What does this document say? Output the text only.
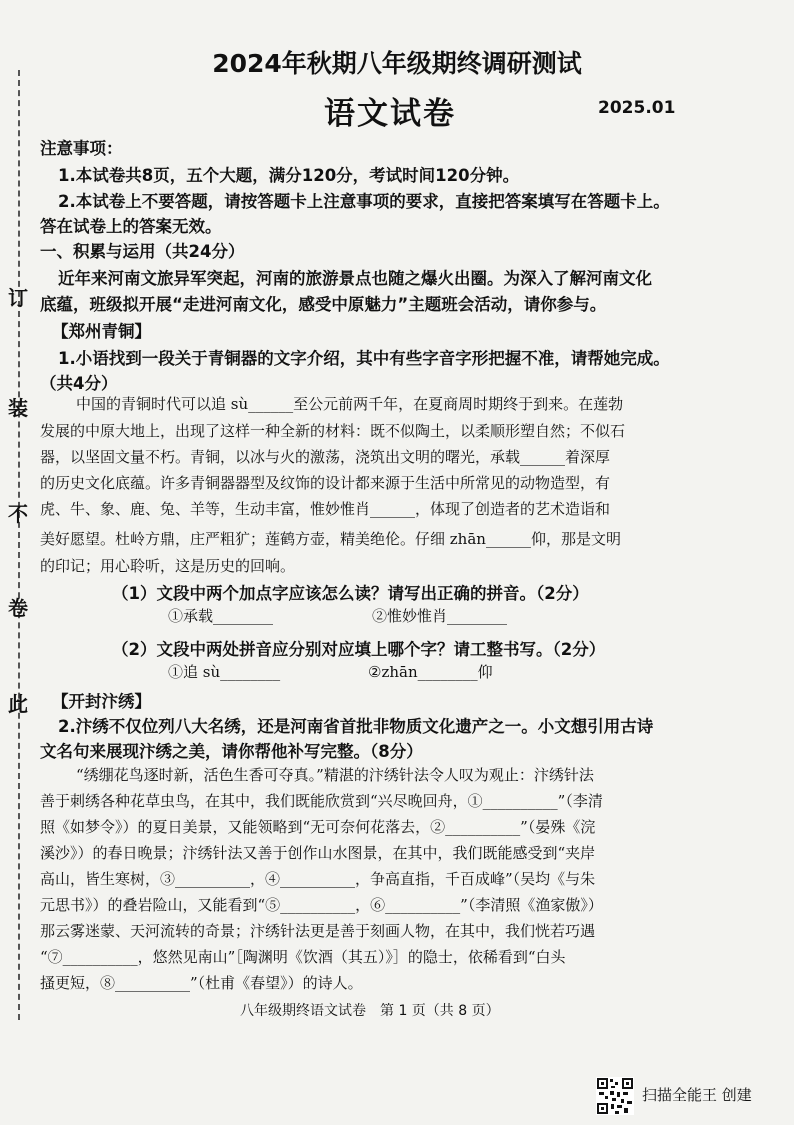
订
装
不
卷
此
2024年秋期八年级期终调研测试
语文试卷	2025.01
注意事项：
1.本试卷共8页，五个大题，满分120分，考试时间120分钟。
2.本试卷上不要答题，请按答题卡上注意事项的要求，直接把答案填写在答题卡上。
答在试卷上的答案无效。
一、积累与运用（共24分）
近年来河南文旅异军突起，河南的旅游景点也随之爆火出圈。为深入了解河南文化
底蕴，班级拟开展“走进河南文化，感受中原魅力”主题班会活动，请你参与。
【郑州青铜】
1.小语找到一段关于青铜器的文字介绍，其中有些字音字形把握不准，请帮她完成。
（共4分）
中国的青铜时代可以追 sù______至公元前两千年，在夏商周时期终于到来。在莲勃
发展的中原大地上，出现了这样一种全新的材料：既不似陶土，以柔顺形塑自然；不似石
器，以坚固文量不朽。青铜，以冰与火的激荡，浇筑出文明的曙光，承载______着深厚
的历史文化底蕴。许多青铜器器型及纹饰的设计都来源于生活中所常见的动物造型，有
虎、牛、象、鹿、兔、羊等，生动丰富，惟妙惟肖______，体现了创造者的艺术造诣和
美好愿望。杜岭方鼎，庄严粗犷；莲鹤方壶，精美绝伦。仔细 zhān______仰，那是文明
的印记；用心聆听，这是历史的回响。
（1）文段中两个加点字应该怎么读？请写出正确的拼音。（2分）
①承载________	②惟妙惟肖________
（2）文段中两处拼音应分别对应填上哪个字？请工整书写。（2分）
①追 sù________	②zhān________仰
【开封汴绣】
2.汴绣不仅位列八大名绣，还是河南省首批非物质文化遗产之一。小文想引用古诗
文名句来展现汴绣之美，请你帮他补写完整。（8分）
“绣绷花鸟逐时新，活色生香可夺真。”精湛的汴绣针法令人叹为观止：汴绣针法
善于刺绣各种花草虫鸟，在其中，我们既能欣赏到“兴尽晚回舟，①__________”（李清
照《如梦令》）的夏日美景，又能领略到“无可奈何花落去，②__________”（晏殊《浣
溪沙》）的春日晚景；汴绣针法又善于创作山水图景，在其中，我们既能感受到“夹岸
高山，皆生寒树，③__________，④__________，争高直指，千百成峰”（吴均《与朱
元思书》）的叠岩险山，又能看到“⑤__________，⑥__________”（李清照《渔家傲》）
那云雾迷蒙、天河流转的奇景；汴绣针法更是善于刻画人物，在其中，我们恍若巧遇
“⑦__________，悠然见南山”［陶渊明《饮酒（其五）》］的隐士，依稀看到“白头
搔更短，⑧__________”（杜甫《春望》）的诗人。
八年级期终语文试卷　第 1 页（共 8 页）
扫描全能王 创建
